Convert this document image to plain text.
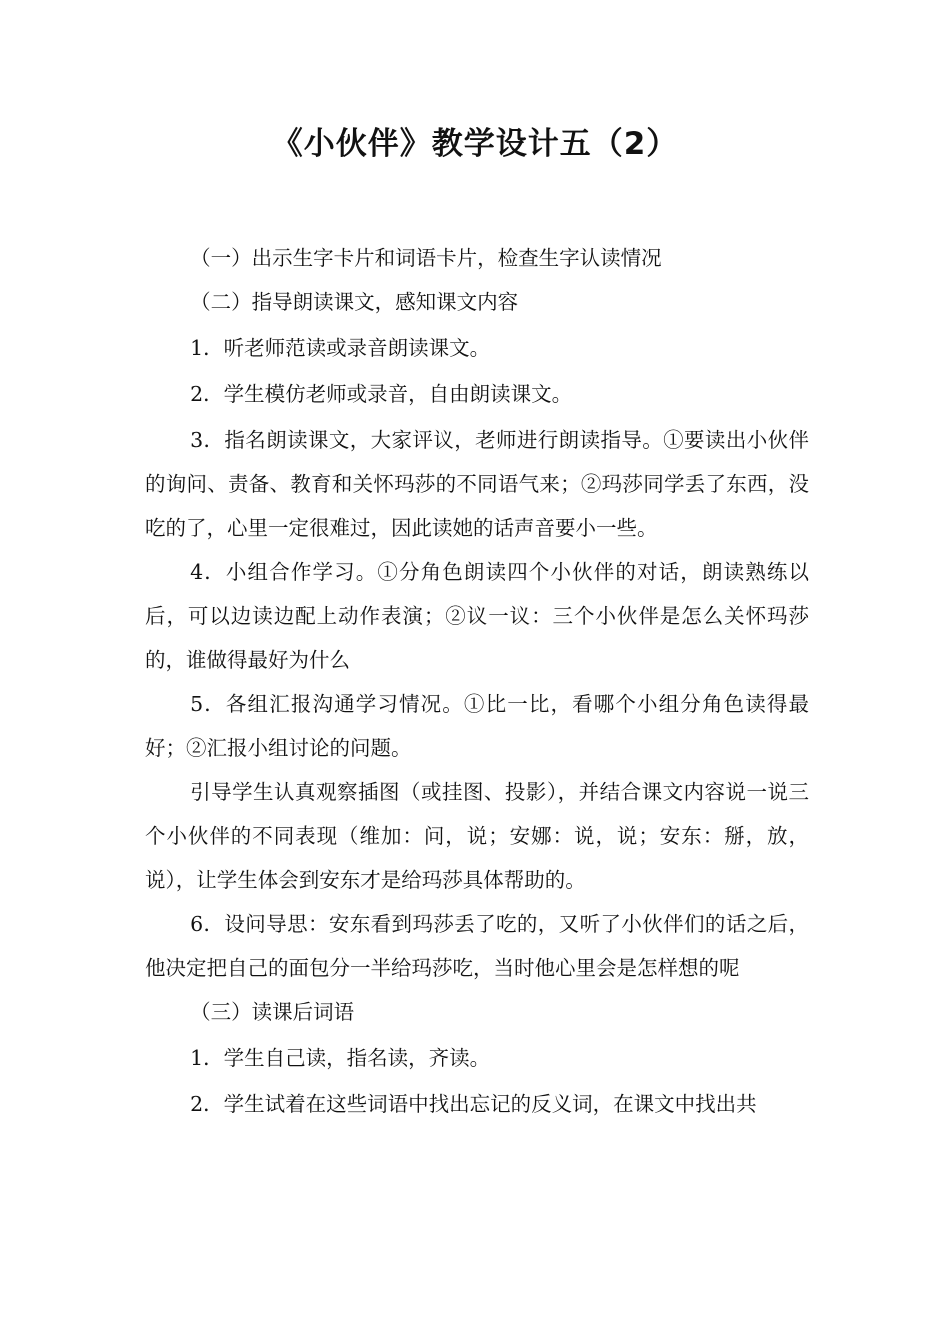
《小伙伴》教学设计五（2）

（一）出示生字卡片和词语卡片，检查生字认读情况

（二）指导朗读课文，感知课文内容

1．听老师范读或录音朗读课文。

2．学生模仿老师或录音，自由朗读课文。

3．指名朗读课文，大家评议，老师进行朗读指导。①要读出小伙伴的询问、责备、教育和关怀玛莎的不同语气来；②玛莎同学丢了东西，没吃的了，心里一定很难过，因此读她的话声音要小一些。

4．小组合作学习。①分角色朗读四个小伙伴的对话，朗读熟练以后，可以边读边配上动作表演；②议一议：三个小伙伴是怎么关怀玛莎的，谁做得最好为什么

5．各组汇报沟通学习情况。①比一比，看哪个小组分角色读得最好；②汇报小组讨论的问题。

引导学生认真观察插图（或挂图、投影），并结合课文内容说一说三个小伙伴的不同表现（维加：问，说；安娜：说，说；安东：掰，放，说），让学生体会到安东才是给玛莎具体帮助的。

6．设问导思：安东看到玛莎丢了吃的，又听了小伙伴们的话之后，他决定把自己的面包分一半给玛莎吃，当时他心里会是怎样想的呢

（三）读课后词语

1．学生自己读，指名读，齐读。

2．学生试着在这些词语中找出忘记的反义词，在课文中找出共
